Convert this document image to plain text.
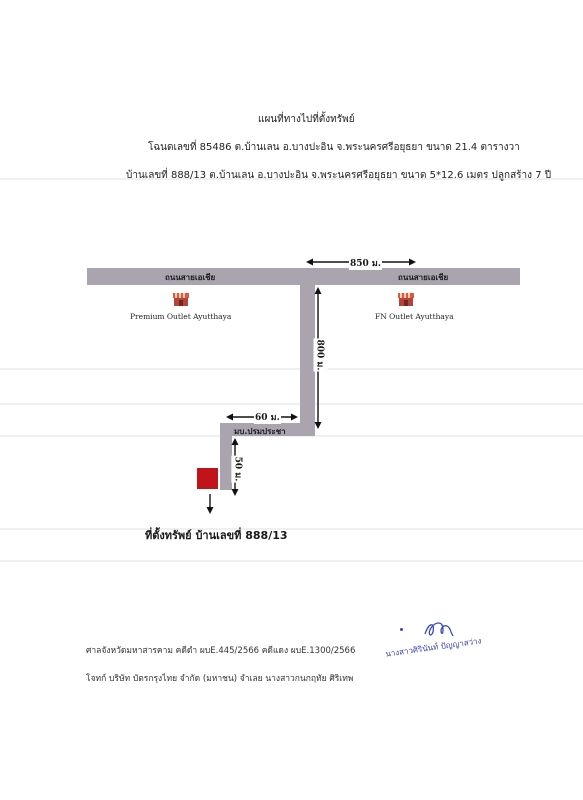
แผนที่ทางไปที่ตั้งทรัพย์
โฉนดเลขที่ 85486 ต.บ้านเลน อ.บางปะอิน จ.พระนครศรีอยุธยา ขนาด 21.4 ตารางวา
บ้านเลขที่ 888/13 ต.บ้านเลน อ.บางปะอิน จ.พระนครศรีอยุธยา ขนาด 5*12.6 เมตร ปลูกสร้าง 7 ปี
ถนนสายเอเชีย	ถนนสายเอเชีย
มบ.ปรมประชา
850 ม.
800 ม.
60 ม.
50 ม.
Premium Outlet Ayutthaya	FN Outlet Ayutthaya
ที่ตั้งทรัพย์ บ้านเลขที่ 888/13
ศาลจังหวัดมหาสารคาม คดีดำ ผบE.445/2566 คดีแดง ผบE.1300/2566
โจทก์ บริษัท บัตรกรุงไทย จำกัด (มหาชน) จำเลย นางสาวกนกฤทัย ศิริเทพ
นางสาวศิรินันท์ ปัญญาสว่าง
